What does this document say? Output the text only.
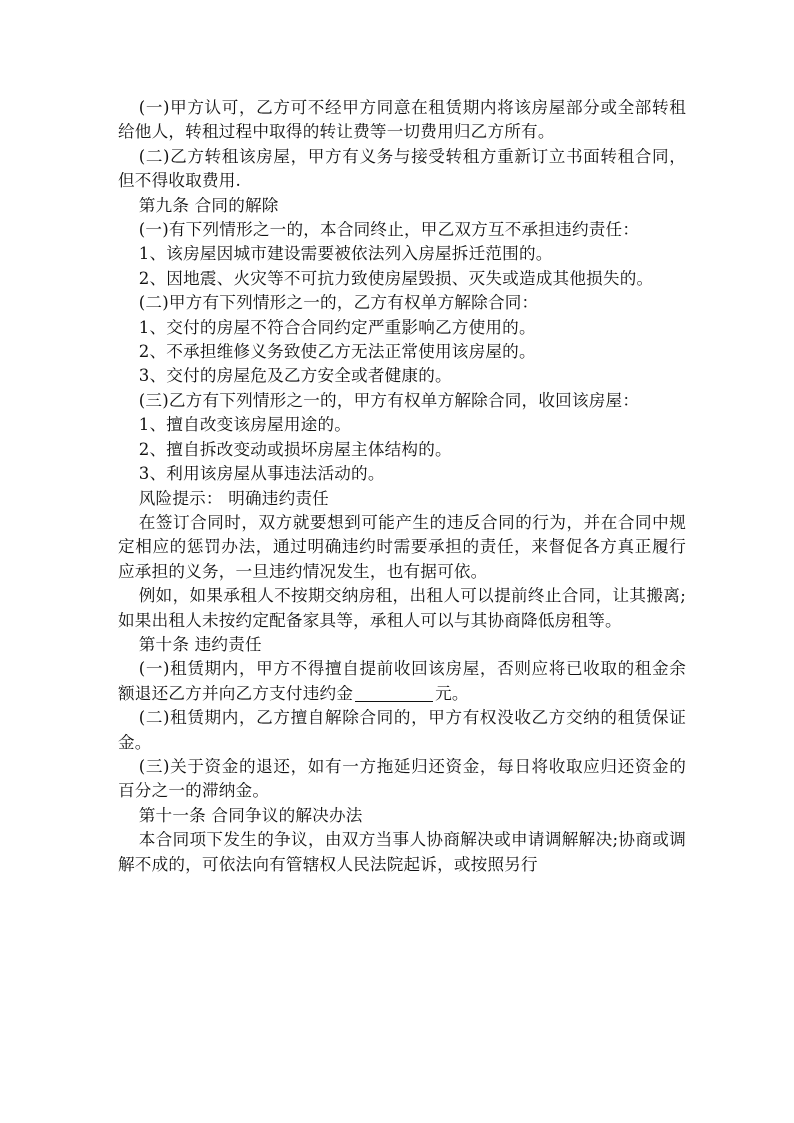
(一)甲方认可，乙方可不经甲方同意在租赁期内将该房屋部分或全部转租给他人，转租过程中取得的转让费等一切费用归乙方所有。

(二)乙方转租该房屋，甲方有义务与接受转租方重新订立书面转租合同，但不得收取费用.

第九条 合同的解除

(一)有下列情形之一的，本合同终止，甲乙双方互不承担违约责任：

1、该房屋因城市建设需要被依法列入房屋拆迁范围的。

2、因地震、火灾等不可抗力致使房屋毁损、灭失或造成其他损失的。

(二)甲方有下列情形之一的，乙方有权单方解除合同：

1、交付的房屋不符合合同约定严重影响乙方使用的。

2、不承担维修义务致使乙方无法正常使用该房屋的。

3、交付的房屋危及乙方安全或者健康的。

(三)乙方有下列情形之一的，甲方有权单方解除合同，收回该房屋：

1、擅自改变该房屋用途的。

2、擅自拆改变动或损坏房屋主体结构的。

3、利用该房屋从事违法活动的。

风险提示： 明确违约责任

在签订合同时，双方就要想到可能产生的违反合同的行为，并在合同中规定相应的惩罚办法，通过明确违约时需要承担的责任，来督促各方真正履行应承担的义务，一旦违约情况发生，也有据可依。

例如，如果承租人不按期交纳房租，出租人可以提前终止合同，让其搬离;如果出租人未按约定配备家具等，承租人可以与其协商降低房租等。

第十条 违约责任

(一)租赁期内，甲方不得擅自提前收回该房屋，否则应将已收取的租金余额退还乙方并向乙方支付违约金	元。

(二)租赁期内，乙方擅自解除合同的，甲方有权没收乙方交纳的租赁保证金。

(三)关于资金的退还，如有一方拖延归还资金，每日将收取应归还资金的百分之一的滞纳金。

第十一条 合同争议的解决办法

本合同项下发生的争议，由双方当事人协商解决或申请调解解决;协商或调解不成的，可依法向有管辖权人民法院起诉，或按照另行
